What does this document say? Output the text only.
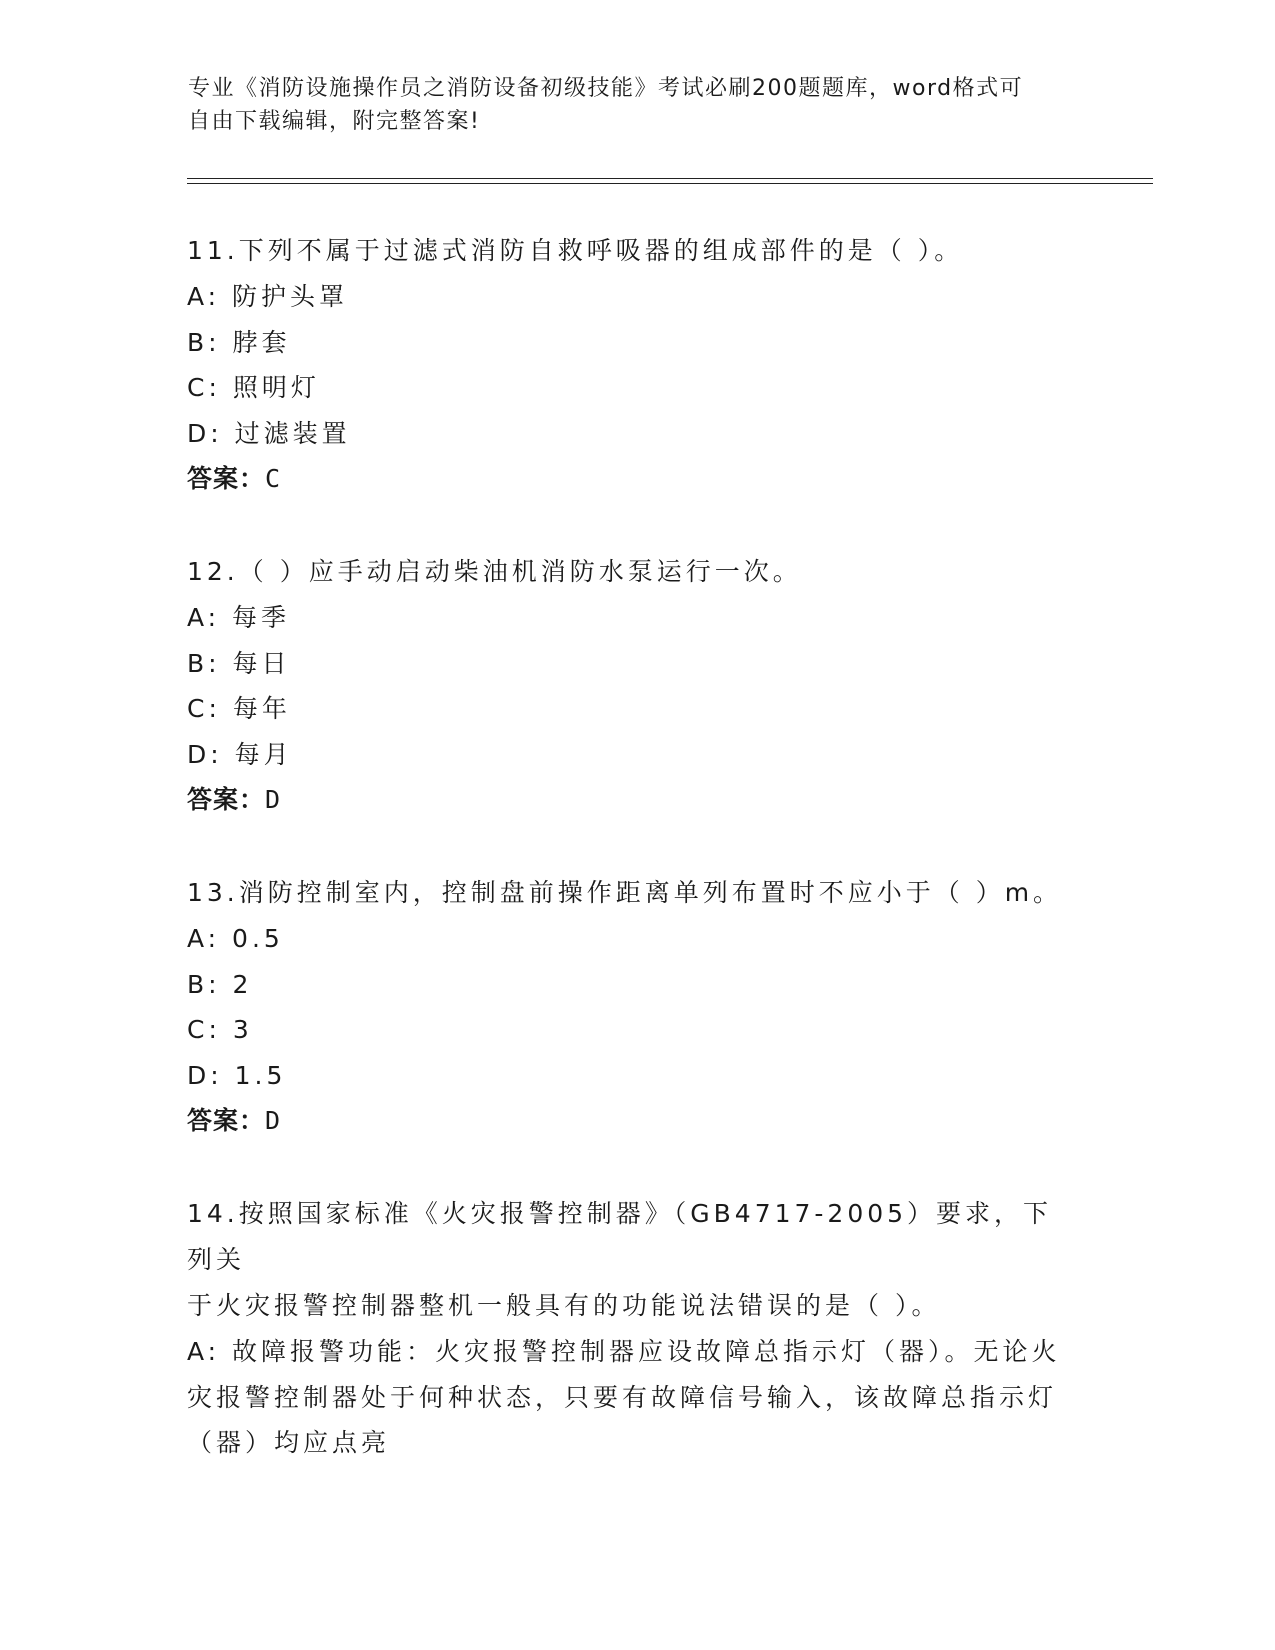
专业《消防设施操作员之消防设备初级技能》考试必刷200题题库，word格式可
自由下载编辑，附完整答案!
11.下列不属于过滤式消防自救呼吸器的组成部件的是（ ）。
A: 防护头罩
B: 脖套
C: 照明灯
D: 过滤装置
答案：C
12.（ ）应手动启动柴油机消防水泵运行一次。
A: 每季
B: 每日
C: 每年
D: 每月
答案：D
13.消防控制室内，控制盘前操作距离单列布置时不应小于（ ）m。
A: 0.5
B: 2
C: 3
D: 1.5
答案：D
14.按照国家标准《火灾报警控制器》（GB4717-2005）要求，下列关
于火灾报警控制器整机一般具有的功能说法错误的是（ ）。
A: 故障报警功能：火灾报警控制器应设故障总指示灯（器）。无论火
灾报警控制器处于何种状态，只要有故障信号输入，该故障总指示灯
（器）均应点亮
